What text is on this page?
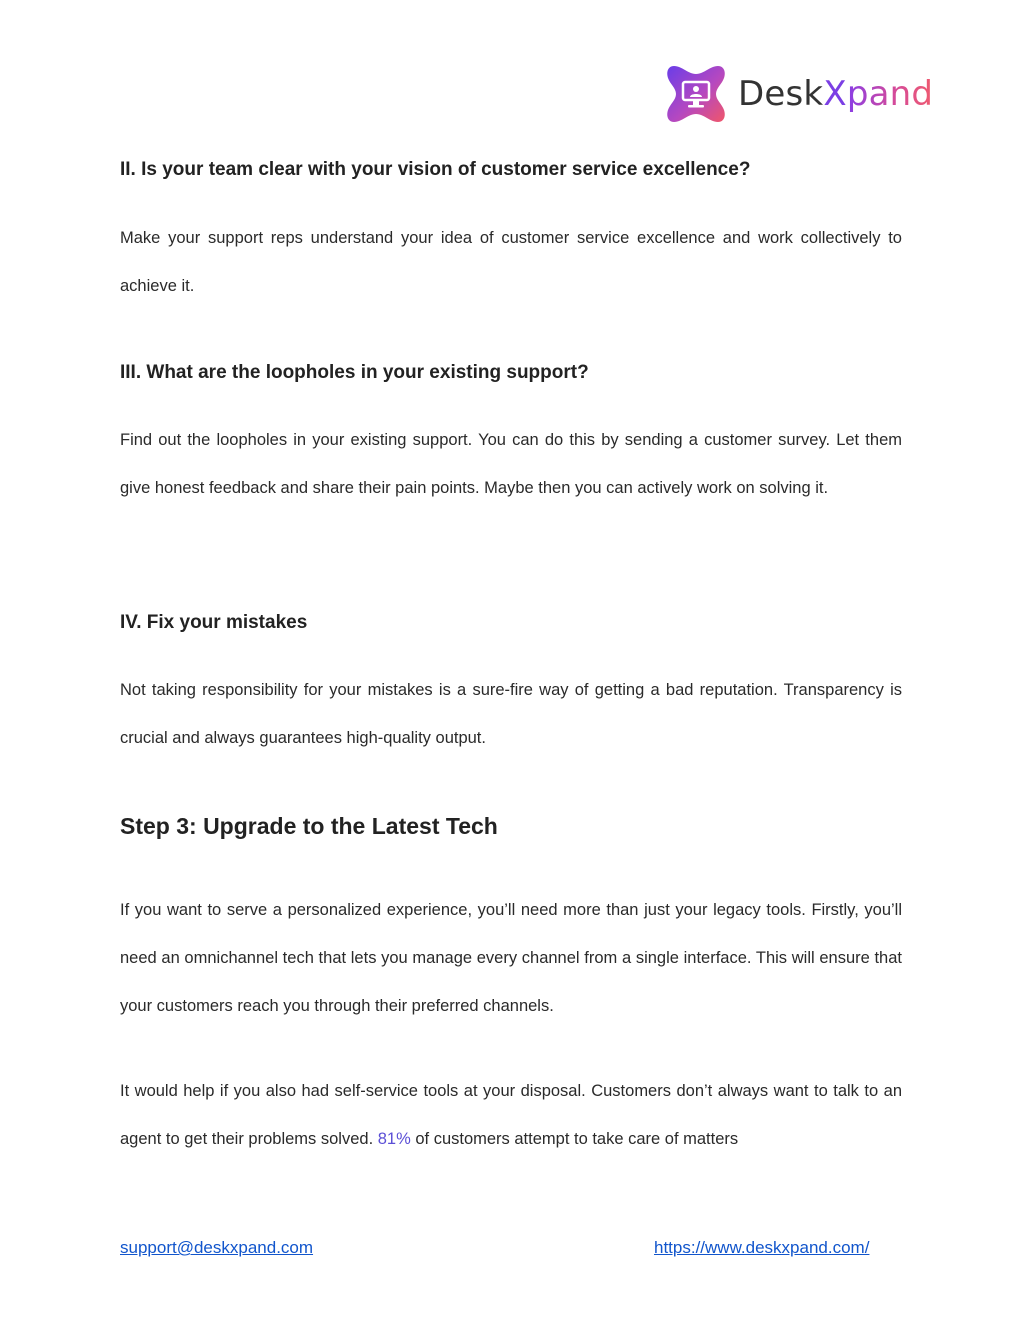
DeskXpand
II. Is your team clear with your vision of customer service excellence?

Make your support reps understand your idea of customer service excellence and work collectively to achieve it.

III. What are the loopholes in your existing support?

Find out the loopholes in your existing support. You can do this by sending a customer survey. Let them give honest feedback and share their pain points. Maybe then you can actively work on solving it.

IV. Fix your mistakes

Not taking responsibility for your mistakes is a sure-fire way of getting a bad reputation. Transparency is crucial and always guarantees high-quality output.

Step 3: Upgrade to the Latest Tech

If you want to serve a personalized experience, you’ll need more than just your legacy tools. Firstly, you’ll need an omnichannel tech that lets you manage every channel from a single interface. This will ensure that your customers reach you through their preferred channels.

It would help if you also had self-service tools at your disposal. Customers don’t always want to talk to an agent to get their problems solved. 81% of customers attempt to take care of matters

support@deskxpand.com	https://www.deskxpand.com/
